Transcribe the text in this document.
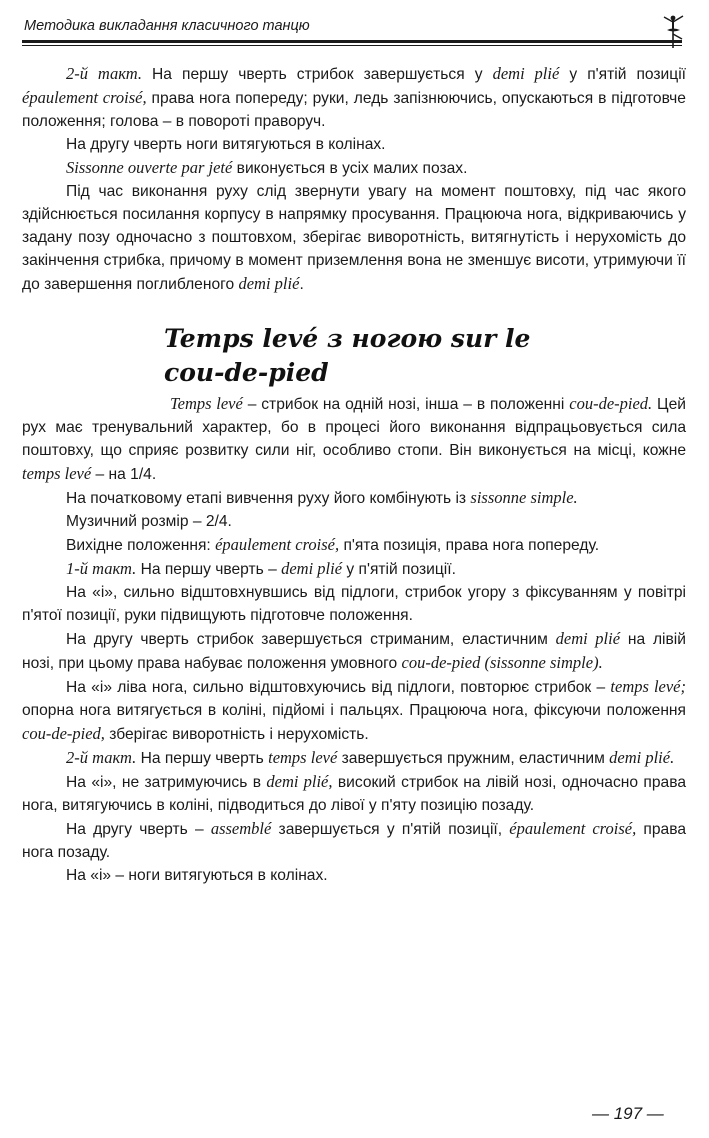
Методика викладання класичного танцю

2-й такт. На першу чверть стрибок завершується у demi plié у п'ятій позиції épaulement croisé, права нога попереду; руки, ледь запізнюючись, опускаються в підготовче положення; голова – в повороті праворуч.

На другу чверть ноги витягуються в колінах.

Sissonne ouverte par jeté виконується в усіх малих позах.

Під час виконання руху слід звернути увагу на момент поштовху, під час якого здійснюється посилання корпусу в напрямку просування. Працююча нога, відкриваючись у задану позу одночасно з поштовхом, зберігає виворотність, витягнутість і нерухомість до закінчення стрибка, причому в момент приземлення вона не зменшує висоти, утримуючи її до завершення поглибленого demi plié.

Temps levé з ногою sur le
cou-de-pied

Temps levé – стрибок на одній нозі, інша – в положенні cou-de-pied. Цей рух має тренувальний характер, бо в процесі його виконання відпрацьовується сила поштовху, що сприяє розвитку сили ніг, особливо стопи. Він виконується на місці, кожне temps levé – на 1/4.

На початковому етапі вивчення руху його комбінують із sissonne simple.

Музичний розмір – 2/4.

Вихідне положення: épaulement croisé, п'ята позиція, права нога попереду.

1-й такт. На першу чверть – demi plié у п'ятій позиції.

На «і», сильно відштовхнувшись від підлоги, стрибок угору з фіксуванням у повітрі п'ятої позиції, руки підвищують підготовче положення.

На другу чверть стрибок завершується стриманим, еластичним demi plié на лівій нозі, при цьому права набуває положення умовного cou-de-pied (sissonne simple).

На «і» ліва нога, сильно відштовхуючись від підлоги, повторює стрибок – temps levé; опорна нога витягується в коліні, підйомі і пальцях. Працююча нога, фіксуючи положення cou-de-pied, зберігає виворотність і нерухомість.

2-й такт. На першу чверть temps levé завершується пружним, еластичним demi plié.

На «і», не затримуючись в demi plié, високий стрибок на лівій нозі, одночасно права нога, витягуючись в коліні, підводиться до лівої у п'яту позицію позаду.

На другу чверть – assemblé завершується у п'ятій позиції, épaulement croisé, права нога позаду.

На «і» – ноги витягуються в колінах.

— 197 —
